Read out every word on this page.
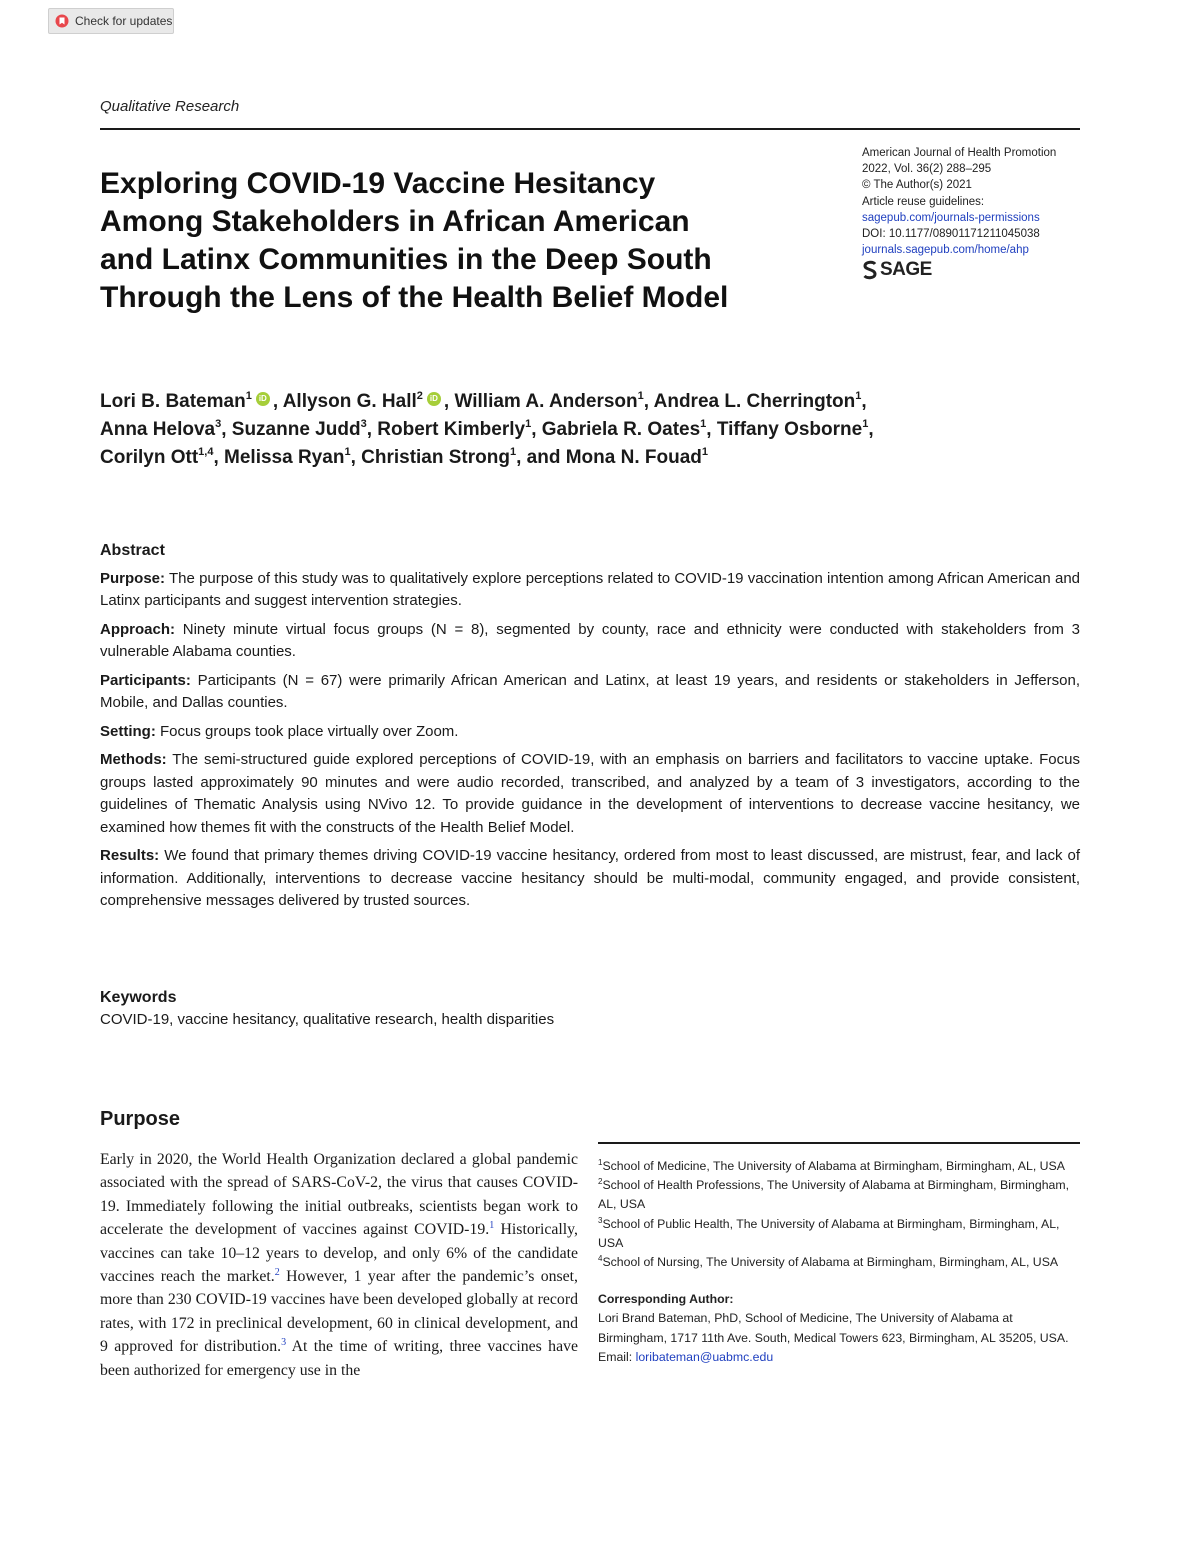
Check for updates
Qualitative Research
Exploring COVID-19 Vaccine Hesitancy
Among Stakeholders in African American
and Latinx Communities in the Deep South
Through the Lens of the Health Belief Model
American Journal of Health Promotion
2022, Vol. 36(2) 288–295
© The Author(s) 2021
Article reuse guidelines:
sagepub.com/journals-permissions
DOI: 10.1177/08901171211045038
journals.sagepub.com/home/ahp
SAGE
Lori B. Bateman$^1$ iD , Allyson G. Hall$^2$ iD , William A. Anderson$^1$, Andrea L. Cherrington$^1$,
Anna Helova$^3$, Suzanne Judd$^3$, Robert Kimberly$^1$, Gabriela R. Oates$^1$, Tiffany Osborne$^1$,
Corilyn Ott$^{1,4}$, Melissa Ryan$^1$, Christian Strong$^1$, and Mona N. Fouad$^1$
Abstract
Purpose: The purpose of this study was to qualitatively explore perceptions related to COVID-19 vaccination intention among African American and Latinx participants and suggest intervention strategies.
Approach: Ninety minute virtual focus groups (N = 8), segmented by county, race and ethnicity were conducted with stakeholders from 3 vulnerable Alabama counties.
Participants: Participants (N = 67) were primarily African American and Latinx, at least 19 years, and residents or stakeholders in Jefferson, Mobile, and Dallas counties.
Setting: Focus groups took place virtually over Zoom.
Methods: The semi-structured guide explored perceptions of COVID-19, with an emphasis on barriers and facilitators to vaccine uptake. Focus groups lasted approximately 90 minutes and were audio recorded, transcribed, and analyzed by a team of 3 investigators, according to the guidelines of Thematic Analysis using NVivo 12. To provide guidance in the development of interventions to decrease vaccine hesitancy, we examined how themes fit with the constructs of the Health Belief Model.
Results: We found that primary themes driving COVID-19 vaccine hesitancy, ordered from most to least discussed, are mistrust, fear, and lack of information. Additionally, interventions to decrease vaccine hesitancy should be multi-modal, community engaged, and provide consistent, comprehensive messages delivered by trusted sources.
Keywords
COVID-19, vaccine hesitancy, qualitative research, health disparities
Purpose
Early in 2020, the World Health Organization declared a global pandemic associated with the spread of SARS-CoV-2, the virus that causes COVID-19. Immediately following the initial outbreaks, scientists began work to accelerate the development of vaccines against COVID-19.$^1$ Historically, vaccines can take 10–12 years to develop, and only 6% of the candidate vaccines reach the market.$^2$ However, 1 year after the pandemic’s onset, more than 230 COVID-19 vaccines have been developed globally at record rates, with 172 in preclinical development, 60 in clinical development, and 9 approved for distribution.$^3$ At the time of writing, three vaccines have been authorized for emergency use in the
$^1$School of Medicine, The University of Alabama at Birmingham, Birmingham, AL, USA
$^2$School of Health Professions, The University of Alabama at Birmingham, Birmingham, AL, USA
$^3$School of Public Health, The University of Alabama at Birmingham, Birmingham, AL, USA
$^4$School of Nursing, The University of Alabama at Birmingham, Birmingham, AL, USA
Corresponding Author:
Lori Brand Bateman, PhD, School of Medicine, The University of Alabama at Birmingham, 1717 11th Ave. South, Medical Towers 623, Birmingham, AL 35205, USA.
Email: loribateman@uabmc.edu
